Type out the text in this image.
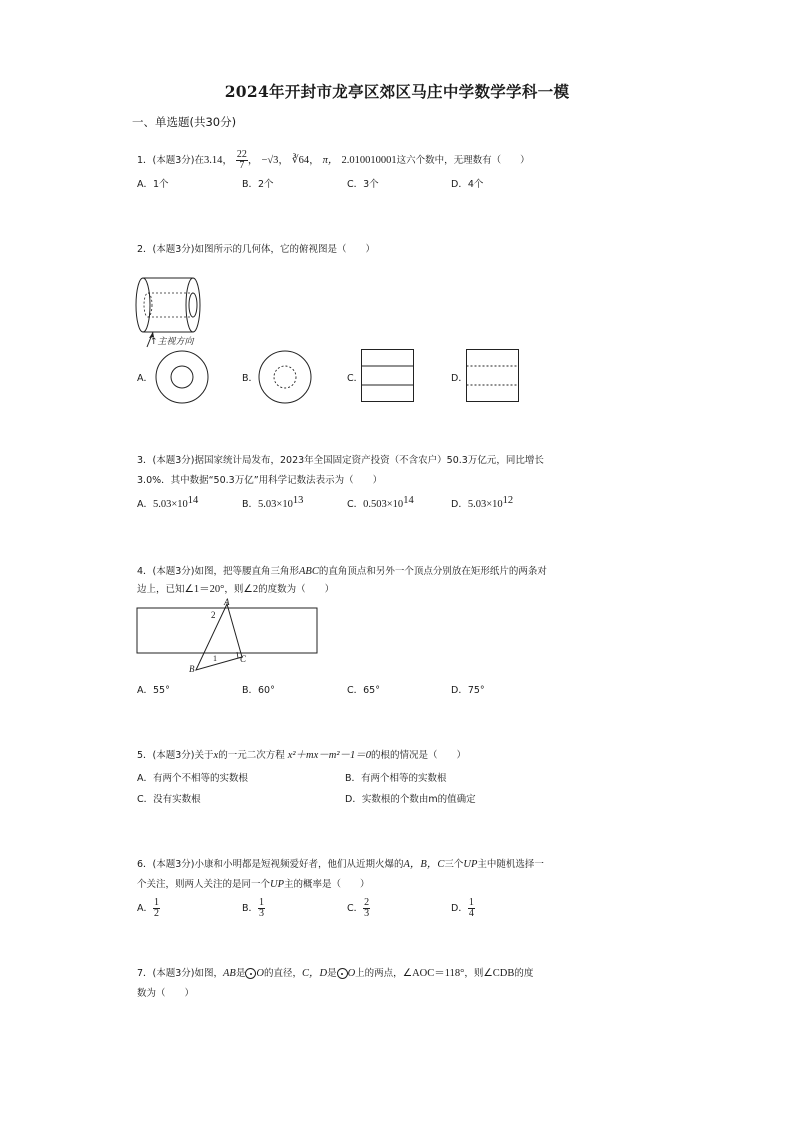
2024年开封市龙亭区郊区马庄中学数学学科一模
一、单选题(共30分)
1．(本题3分)在3.14， $\frac{22}{7}$ ， −√3， ∛64， π， 2.010010001这六个数中，无理数有（　　）
A．1个	B．2个	C．3个	D．4个
2．(本题3分)如图所示的几何体，它的俯视图是（　　）
↑主视方向
A．	B．	C．	D．
3．(本题3分)据国家统计局发布，2023年全国固定资产投资（不含农户）50.3万亿元，同比增长
3.0%．其中数据“50.3万亿”用科学记数法表示为（　　）
A．$5.03\times 10^{14}$	B．$5.03\times 10^{13}$	C．$0.503\times 10^{14}$	D．$5.03\times 10^{12}$
4．(本题3分)如图，把等腰直角三角形ABC的直角顶点和另外一个顶点分别放在矩形纸片的两条对
边上，已知∠1＝20°，则∠2的度数为（　　）
A
2
1
B
C
A．55°	B．60°	C．65°	D．75°
5．(本题3分)关于x的一元二次方程 x²＋mx－m²－1＝0的根的情况是（　　）
A．有两个不相等的实数根	B．有两个相等的实数根
C．没有实数根	D．实数根的个数由m的值确定
6．(本题3分)小康和小明都是短视频爱好者，他们从近期火爆的A，B，C三个UP主中随机选择一
个关注，则两人关注的是同一个UP主的概率是（　　）
A． $\frac{1}{2}$	B． $\frac{1}{3}$	C． $\frac{2}{3}$	D． $\frac{1}{4}$
7．(本题3分)如图，AB是 O的直径，C，D是 O上的两点，∠AOC＝118°，则∠CDB的度
数为（　　）
